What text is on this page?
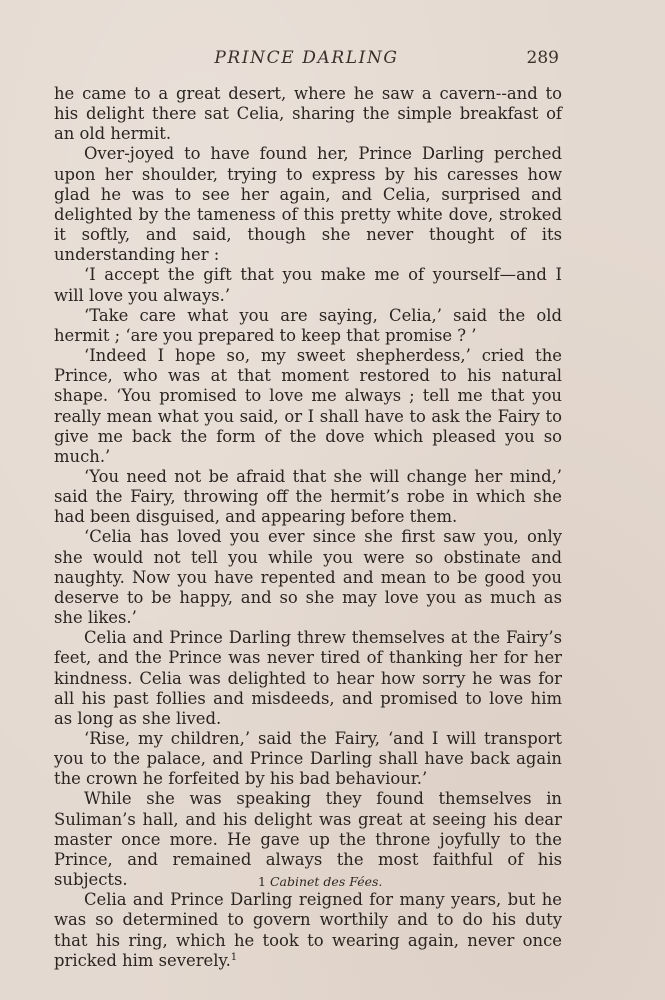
PRINCE DARLING	289

he came to a great desert, where he saw a cavern--and to his delight there sat Celia, sharing the simple breakfast of an old hermit.

Over-joyed to have found her, Prince Darling perched upon her shoulder, trying to express by his caresses how glad he was to see her again, and Celia, surprised and delighted by the tameness of this pretty white dove, stroked it softly, and said, though she never thought of its understanding her :

‘I accept the gift that you make me of yourself—and I will love you always.’

‘Take care what you are saying, Celia,’ said the old hermit ; ‘are you prepared to keep that promise ? ’

‘Indeed I hope so, my sweet shepherdess,’ cried the Prince, who was at that moment restored to his natural shape. ‘You promised to love me always ; tell me that you really mean what you said, or I shall have to ask the Fairy to give me back the form of the dove which pleased you so much.’

‘You need not be afraid that she will change her mind,’ said the Fairy, throwing off the hermit’s robe in which she had been disguised, and appearing before them.

‘Celia has loved you ever since she first saw you, only she would not tell you while you were so obstinate and naughty. Now you have repented and mean to be good you deserve to be happy, and so she may love you as much as she likes.’

Celia and Prince Darling threw themselves at the Fairy’s feet, and the Prince was never tired of thanking her for her kindness. Celia was delighted to hear how sorry he was for all his past follies and misdeeds, and promised to love him as long as she lived.

‘Rise, my children,’ said the Fairy, ‘and I will transport you to the palace, and Prince Darling shall have back again the crown he forfeited by his bad behaviour.’

While she was speaking they found themselves in Suliman’s hall, and his delight was great at seeing his dear master once more. He gave up the throne joyfully to the Prince, and remained always the most faithful of his subjects.

Celia and Prince Darling reigned for many years, but he was so determined to govern worthily and to do his duty that his ring, which he took to wearing again, never once pricked him severely.$^1$

1 Cabinet des Fées.
